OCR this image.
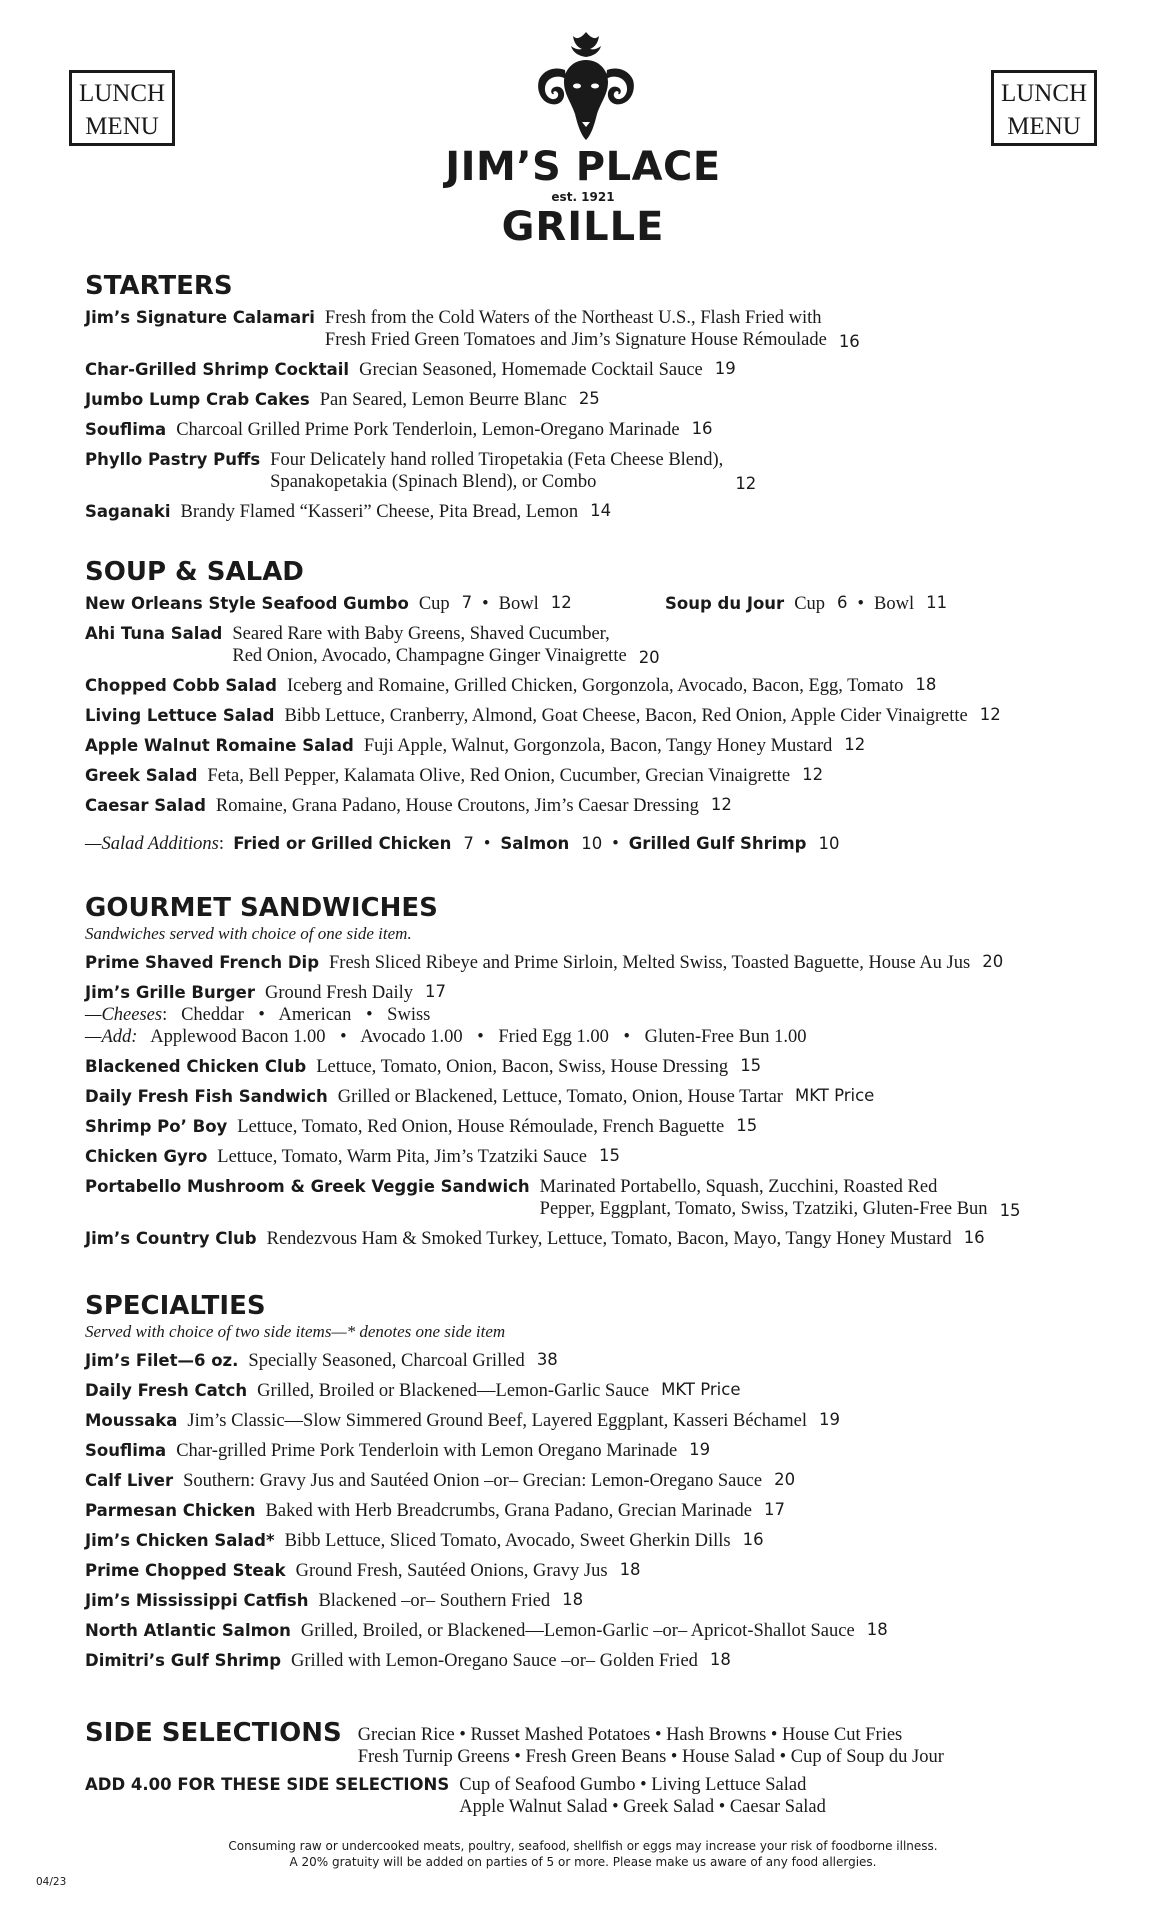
LUNCH
MENU
LUNCH
MENU
JIM’S PLACE
est. 1921
GRILLE
STARTERS
Jim’s Signature Calamari Fresh from the Cold Waters of the Northeast U.S., Flash Fried with
Fresh Fried Green Tomatoes and Jim’s Signature House Rémoulade 16
Char-Grilled Shrimp Cocktail Grecian Seasoned, Homemade Cocktail Sauce 19
Jumbo Lump Crab Cakes Pan Seared, Lemon Beurre Blanc 25
Souflima Charcoal Grilled Prime Pork Tenderloin, Lemon-Oregano Marinade 16
Phyllo Pastry Puffs Four Delicately hand rolled Tiropetakia (Feta Cheese Blend),
Spanakopetakia (Spinach Blend), or Combo	12
Saganaki Brandy Flamed “Kasseri” Cheese, Pita Bread, Lemon 14
SOUP & SALAD
New Orleans Style Seafood Gumbo Cup 7 • Bowl 12	Soup du Jour Cup 6 • Bowl 11
Ahi Tuna Salad Seared Rare with Baby Greens, Shaved Cucumber,
Red Onion, Avocado, Champagne Ginger Vinaigrette 20
Chopped Cobb Salad Iceberg and Romaine, Grilled Chicken, Gorgonzola, Avocado, Bacon, Egg, Tomato 18
Living Lettuce Salad Bibb Lettuce, Cranberry, Almond, Goat Cheese, Bacon, Red Onion, Apple Cider Vinaigrette 12
Apple Walnut Romaine Salad Fuji Apple, Walnut, Gorgonzola, Bacon, Tangy Honey Mustard 12
Greek Salad Feta, Bell Pepper, Kalamata Olive, Red Onion, Cucumber, Grecian Vinaigrette 12
Caesar Salad Romaine, Grana Padano, House Croutons, Jim’s Caesar Dressing 12
—Salad Additions : Fried or Grilled Chicken 7 • Salmon 10 • Grilled Gulf Shrimp 10
GOURMET SANDWICHES

Sandwiches served with choice of one side item.

Prime Shaved French Dip Fresh Sliced Ribeye and Prime Sirloin, Melted Swiss, Toasted Baguette, House Au Jus 20
Jim’s Grille Burger Ground Fresh Daily 17
—Cheeses:   Cheddar • American • Swiss
—Add: Applewood Bacon 1.00 • Avocado 1.00 • Fried Egg 1.00 • Gluten-Free Bun 1.00
Blackened Chicken Club Lettuce, Tomato, Onion, Bacon, Swiss, House Dressing 15
Daily Fresh Fish Sandwich Grilled or Blackened, Lettuce, Tomato, Onion, House Tartar MKT Price
Shrimp Po’ Boy Lettuce, Tomato, Red Onion, House Rémoulade, French Baguette 15
Chicken Gyro Lettuce, Tomato, Warm Pita, Jim’s Tzatziki Sauce 15
Portabello Mushroom & Greek Veggie Sandwich Marinated Portabello, Squash, Zucchini, Roasted Red
Pepper, Eggplant, Tomato, Swiss, Tzatziki, Gluten-Free Bun 15
Jim’s Country Club Rendezvous Ham & Smoked Turkey, Lettuce, Tomato, Bacon, Mayo, Tangy Honey Mustard 16
SPECIALTIES

Served with choice of two side items—* denotes one side item

Jim’s Filet—6 oz. Specially Seasoned, Charcoal Grilled 38
Daily Fresh Catch Grilled, Broiled or Blackened—Lemon-Garlic Sauce MKT Price
Moussaka Jim’s Classic—Slow Simmered Ground Beef, Layered Eggplant, Kasseri Béchamel 19
Souflima Char-grilled Prime Pork Tenderloin with Lemon Oregano Marinade 19
Calf Liver Southern: Gravy Jus and Sautéed Onion –or– Grecian: Lemon-Oregano Sauce 20
Parmesan Chicken Baked with Herb Breadcrumbs, Grana Padano, Grecian Marinade 17
Jim’s Chicken Salad* Bibb Lettuce, Sliced Tomato, Avocado, Sweet Gherkin Dills 16
Prime Chopped Steak Ground Fresh, Sautéed Onions, Gravy Jus 18
Jim’s Mississippi Catfish Blackened –or– Southern Fried 18
North Atlantic Salmon Grilled, Broiled, or Blackened—Lemon-Garlic –or– Apricot-Shallot Sauce 18
Dimitri’s Gulf Shrimp Grilled with Lemon-Oregano Sauce –or– Golden Fried 18
SIDE SELECTIONS Grecian Rice • Russet Mashed Potatoes • Hash Browns • House Cut Fries
Fresh Turnip Greens • Fresh Green Beans • House Salad • Cup of Soup du Jour
ADD 4.00 FOR THESE SIDE SELECTIONS Cup of Seafood Gumbo • Living Lettuce Salad
Apple Walnut Salad • Greek Salad • Caesar Salad
Consuming raw or undercooked meats, poultry, seafood, shellfish or eggs may increase your risk of foodborne illness.
A 20% gratuity will be added on parties of 5 or more. Please make us aware of any food allergies.
04/23
